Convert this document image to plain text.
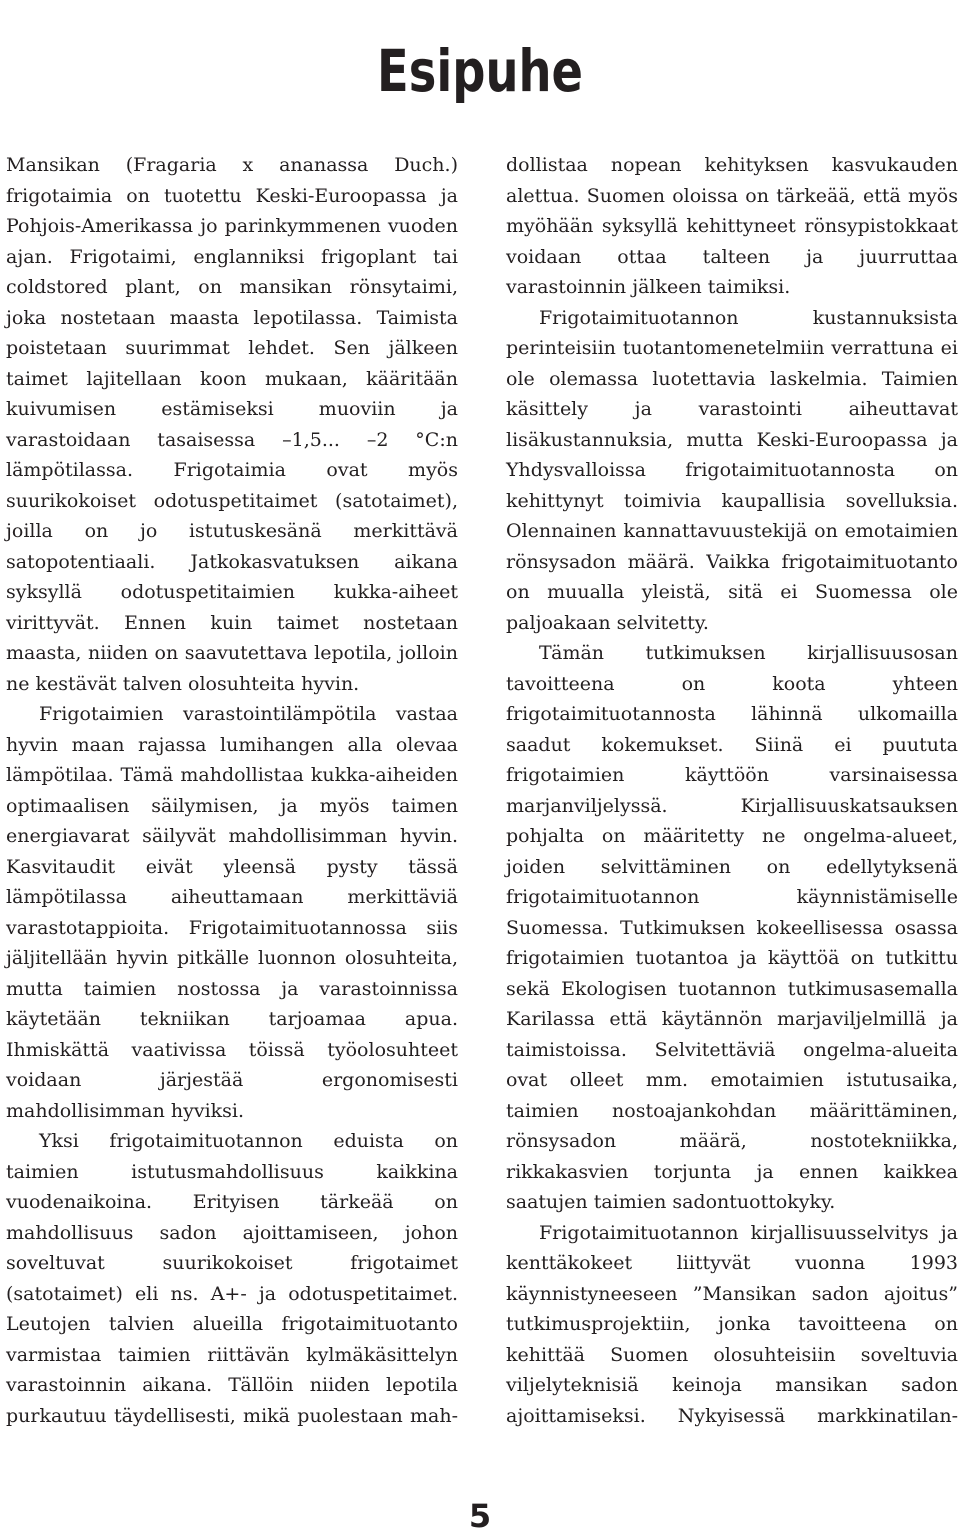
Esipuhe

Mansikan (Fragaria x ananassa Duch.) frigotaimia on tuotettu Keski-Euroopassa ja Pohjois-Amerikassa jo parinkymmenen vuoden ajan. Frigotaimi, englanniksi frigoplant tai coldstored plant, on mansikan rönsytaimi, joka nostetaan maasta lepotilassa. Taimista poistetaan suurimmat lehdet. Sen jälkeen taimet lajitellaan koon mukaan, kääritään kuivumisen estämiseksi muoviin ja varastoidaan tasaisessa –1,5... –2 °C:n lämpötilassa. Frigotaimia ovat myös suurikokoiset odotuspetitaimet (satotaimet), joilla on jo istutuskesänä merkittävä satopotentiaali. Jatkokasvatuksen aikana syksyllä odotuspetitaimien kukka-aiheet virittyvät. Ennen kuin taimet nostetaan maasta, niiden on saavutettava lepotila, jolloin ne kestävät talven olosuhteita hyvin.

Frigotaimien varastointilämpötila vastaa hyvin maan rajassa lumihangen alla olevaa lämpötilaa. Tämä mahdollistaa kukka-aiheiden optimaalisen säilymisen, ja myös taimen energiavarat säilyvät mahdollisimman hyvin. Kasvitaudit eivät yleensä pysty tässä lämpötilassa aiheuttamaan merkittäviä varastotappioita. Frigotaimituotannossa siis jäljitellään hyvin pitkälle luonnon olosuhteita, mutta taimien nostossa ja varastoinnissa käytetään tekniikan tarjoamaa apua. Ihmiskättä vaativissa töissä työolosuhteet voidaan järjestää ergonomisesti mahdollisimman hyviksi.

Yksi frigotaimituotannon eduista on taimien istutusmahdollisuus kaikkina vuodenaikoina. Erityisen tärkeää on mahdollisuus sadon ajoittamiseen, johon soveltuvat suurikokoiset frigotaimet (satotaimet) eli ns. A+- ja odotuspetitaimet. Leutojen talvien alueilla frigotaimituotanto varmistaa taimien riittävän kylmäkäsittelyn varastoinnin aikana. Tällöin niiden lepotila purkautuu täydellisesti, mikä puolestaan mah-

dollistaa nopean kehityksen kasvukauden alettua. Suomen oloissa on tärkeää, että myös myöhään syksyllä kehittyneet rönsypistokkaat voidaan ottaa talteen ja juurruttaa varastoinnin jälkeen taimiksi.

Frigotaimituotannon kustannuksista perinteisiin tuotantomenetelmiin verrattuna ei ole olemassa luotettavia laskelmia. Taimien käsittely ja varastointi aiheuttavat lisäkustannuksia, mutta Keski-Euroopassa ja Yhdysvalloissa frigotaimituotannosta on kehittynyt toimivia kaupallisia sovelluksia. Olennainen kannattavuustekijä on emotaimien rönsysadon määrä. Vaikka frigotaimituotanto on muualla yleistä, sitä ei Suomessa ole paljoakaan selvitetty.

Tämän tutkimuksen kirjallisuusosan tavoitteena on koota yhteen frigotaimituotannosta lähinnä ulkomailla saadut kokemukset. Siinä ei puututa frigotaimien käyttöön varsinaisessa marjanviljelyssä. Kirjallisuuskatsauksen pohjalta on määritetty ne ongelma-alueet, joiden selvittäminen on edellytyksenä frigotaimituotannon käynnistämiselle Suomessa. Tutkimuksen kokeellisessa osassa frigotaimien tuotantoa ja käyttöä on tutkittu sekä Ekologisen tuotannon tutkimusasemalla Karilassa että käytännön marjaviljelmillä ja taimistoissa. Selvitettäviä ongelma-alueita ovat olleet mm. emotaimien istutusaika, taimien nostoajankohdan määrittäminen, rönsysadon määrä, nostotekniikka, rikkakasvien torjunta ja ennen kaikkea saatujen taimien sadontuottokyky.

Frigotaimituotannon kirjallisuusselvitys ja kenttäkokeet liittyvät vuonna 1993 käynnistyneeseen ”Mansikan sadon ajoitus” tutkimusprojektiin, jonka tavoitteena on kehittää Suomen olosuhteisiin soveltuvia viljelyteknisiä keinoja mansikan sadon ajoittamiseksi. Nykyisessä markkinatilan-

5
